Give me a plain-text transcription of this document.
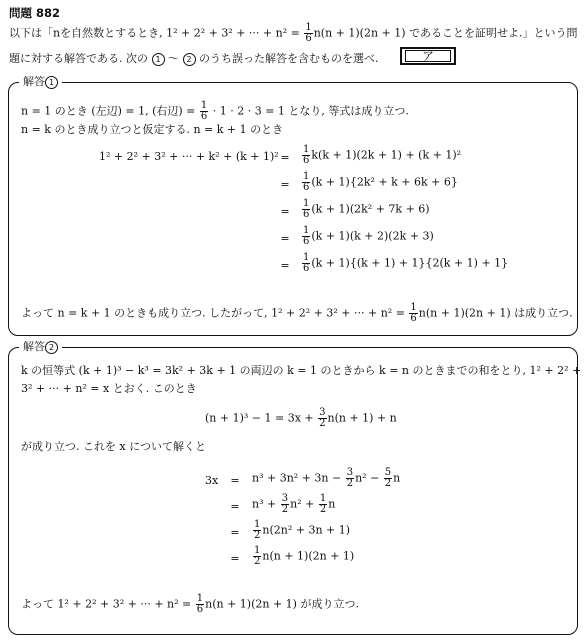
問題 882
以下は「nを自然数とするとき, 1² + 2² + 3² + ··· + $n^2 = \frac{1}{6} n(n + 1)(2n + 1)$ であることを証明せよ.」という問
題に対する解答である. 次の 1 ～ 2 のうち誤った解答を含むものを選べ.	ア
解答 1
n = 1 のとき (左辺) = 1, (右辺) = $\frac{1}{6} \cdot 1 \cdot 2 \cdot 3 = 1$ となり, 等式は成り立つ.
n = k のとき成り立つと仮定する. n = k + 1 のとき
1² + 2² + 3² + ··· + k² + (k + 1)² =	$\frac{1}{6} k(k + 1)(2k + 1) + (k + 1)^2$
=	$\frac{1}{6} (k + 1)\{2k^2 + k + 6k + 6\}$
=	$\frac{1}{6} (k + 1)(2k^2 + 7k + 6)$
=	$\frac{1}{6} (k + 1)(k + 2)(2k + 3)$
=	$\frac{1}{6} (k + 1)\{(k + 1) + 1\}\{2(k + 1) + 1\}$
よって n = k + 1 のときも成り立つ. したがって, 1² + 2² + 3² + ··· + $n^2 = \frac{1}{6} n(n + 1)(2n + 1)$ は成り立つ.
解答 2
k の恒等式 (k + 1)³ − k³ = 3k² + 3k + 1 の両辺の k = 1 のときから k = n のときまでの和をとり, 1² + 2² +
3² + ··· + n² = x とおく. このとき
$(n + 1)^3 - 1 = 3x + \frac{3}{2} n(n + 1) + n$
が成り立つ. これを x について解くと
3x	=	$n^3 + 3n^2 + 3n - \frac{3}{2} n^2 - \frac{5}{2}$ n
=	$n^3 + \frac{3}{2} n^2 + \frac{1}{2}$ n
=	$\frac{1}{2} n(2n^2 + 3n + 1)$
=	$\frac{1}{2} n(n + 1)(2n + 1)$
よって 1² + 2² + 3² + ··· + $n^2 = \frac{1}{6} n(n + 1)(2n + 1)$ が成り立つ.
